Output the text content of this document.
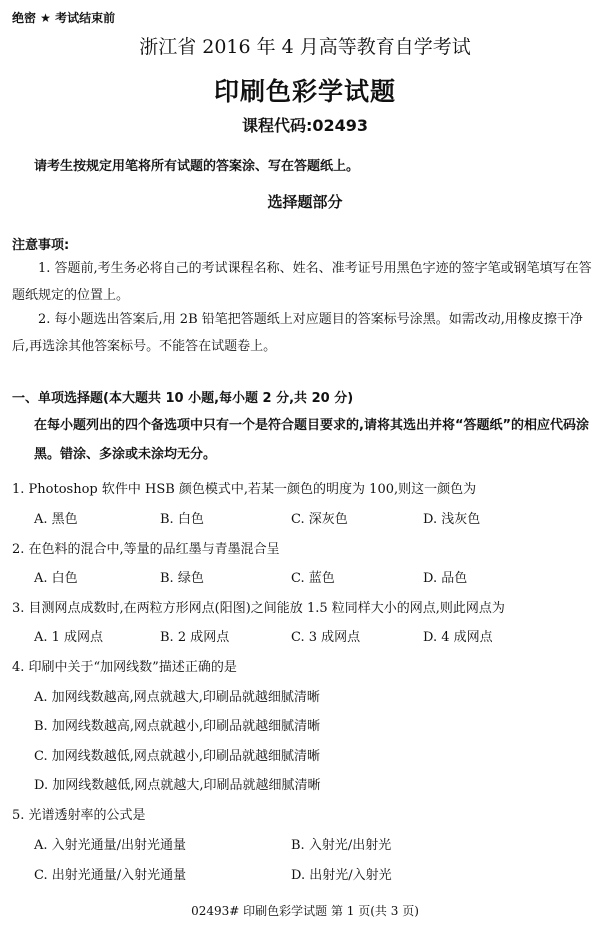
绝密 ★ 考试结束前
浙江省 2016 年 4 月高等教育自学考试
印刷色彩学试题
课程代码:02493
请考生按规定用笔将所有试题的答案涂、写在答题纸上。
选择题部分
注意事项:
1. 答题前,考生务必将自己的考试课程名称、姓名、准考证号用黑色字迹的签字笔或钢笔填写在答题纸规定的位置上。
2. 每小题选出答案后,用 2B 铅笔把答题纸上对应题目的答案标号涂黑。如需改动,用橡皮擦干净后,再选涂其他答案标号。不能答在试题卷上。
一、单项选择题(本大题共 10 小题,每小题 2 分,共 20 分)
在每小题列出的四个备选项中只有一个是符合题目要求的,请将其选出并将“答题纸”的相应代码涂黑。错涂、多涂或未涂均无分。
1. Photoshop 软件中 HSB 颜色模式中,若某一颜色的明度为 100,则这一颜色为
A. 黑色	B. 白色	C. 深灰色	D. 浅灰色
2. 在色料的混合中,等量的品红墨与青墨混合呈
A. 白色	B. 绿色	C. 蓝色	D. 品色
3. 目测网点成数时,在两粒方形网点(阳图)之间能放 1.5 粒同样大小的网点,则此网点为
A. 1 成网点	B. 2 成网点	C. 3 成网点	D. 4 成网点
4. 印刷中关于“加网线数”描述正确的是
A. 加网线数越高,网点就越大,印刷品就越细腻清晰
B. 加网线数越高,网点就越小,印刷品就越细腻清晰
C. 加网线数越低,网点就越小,印刷品就越细腻清晰
D. 加网线数越低,网点就越大,印刷品就越细腻清晰
5. 光谱透射率的公式是
A. 入射光通量/出射光通量	B. 入射光/出射光
C. 出射光通量/入射光通量	D. 出射光/入射光
02493# 印刷色彩学试题 第 1 页(共 3 页)
